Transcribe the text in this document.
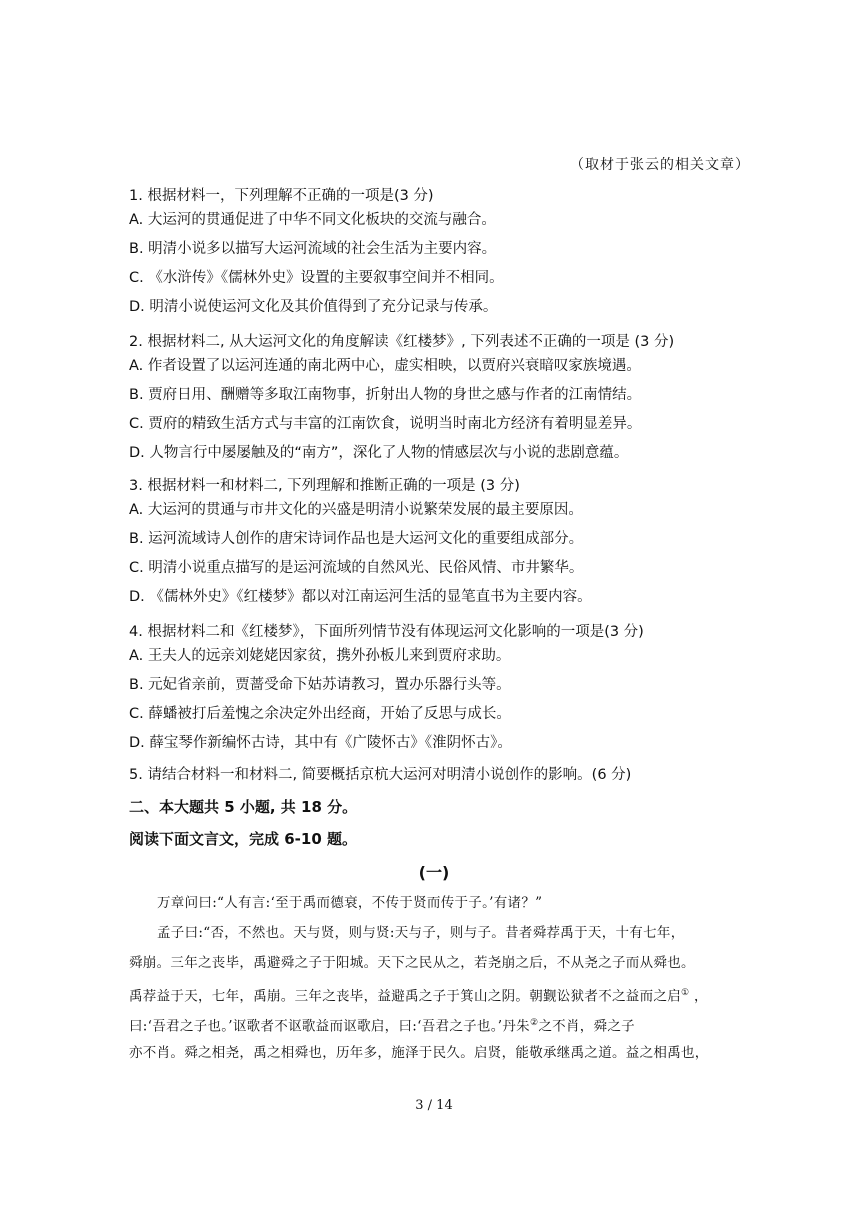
（取材于张云的相关文章）
1. 根据材料一，下列理解不正确的一项是(3 分)
A. 大运河的贯通促进了中华不同文化板块的交流与融合。
B. 明清小说多以描写大运河流域的社会生活为主要内容。
C. 《水浒传》《儒林外史》设置的主要叙事空间并不相同。
D. 明清小说使运河文化及其价值得到了充分记录与传承。
2. 根据材料二, 从大运河文化的角度解读《红楼梦》, 下列表述不正确的一项是 (3 分)
A. 作者设置了以运河连通的南北两中心，虚实相映，以贾府兴衰暗叹家族境遇。
B. 贾府日用、酬赠等多取江南物事，折射出人物的身世之感与作者的江南情结。
C. 贾府的精致生活方式与丰富的江南饮食，说明当时南北方经济有着明显差异。
D. 人物言行中屡屡触及的“南方”，深化了人物的情感层次与小说的悲剧意蕴。
3. 根据材料一和材料二, 下列理解和推断正确的一项是 (3 分)
A. 大运河的贯通与市井文化的兴盛是明清小说繁荣发展的最主要原因。
B. 运河流域诗人创作的唐宋诗词作品也是大运河文化的重要组成部分。
C. 明清小说重点描写的是运河流域的自然风光、民俗风情、市井繁华。
D. 《儒林外史》《红楼梦》都以对江南运河生活的显笔直书为主要内容。
4. 根据材料二和《红楼梦》，下面所列情节没有体现运河文化影响的一项是(3 分)
A. 王夫人的远亲刘姥姥因家贫，携外孙板儿来到贾府求助。
B. 元妃省亲前，贾蔷受命下姑苏请教习，置办乐器行头等。
C. 薛蟠被打后羞愧之余决定外出经商，开始了反思与成长。
D. 薛宝琴作新编怀古诗，其中有《广陵怀古》《淮阴怀古》。
5. 请结合材料一和材料二, 简要概括京杭大运河对明清小说创作的影响。(6 分)
二、本大题共 5 小题, 共 18 分。
阅读下面文言文，完成 6-10 题。
(一)
万章问曰:“人有言:‘至于禹而德衰，不传于贤而传于子。’有诸？”
孟子曰:“否，不然也。天与贤，则与贤:天与子，则与子。昔者舜荐禹于天，十有七年，
舜崩。三年之丧毕，禹避舜之子于阳城。天下之民从之，若尧崩之后，不从尧之子而从舜也。
禹荐益于天，七年，禹崩。三年之丧毕，益避禹之子于箕山之阴。朝觐讼狱者不之益而之启① ，
曰:‘吾君之子也。’讴歌者不讴歌益而讴歌启，曰:‘吾君之子也。’丹朱②之不肖，舜之子
亦不肖。舜之相尧，禹之相舜也，历年多，施泽于民久。启贤，能敬承继禹之道。益之相禹也，
3 / 14
